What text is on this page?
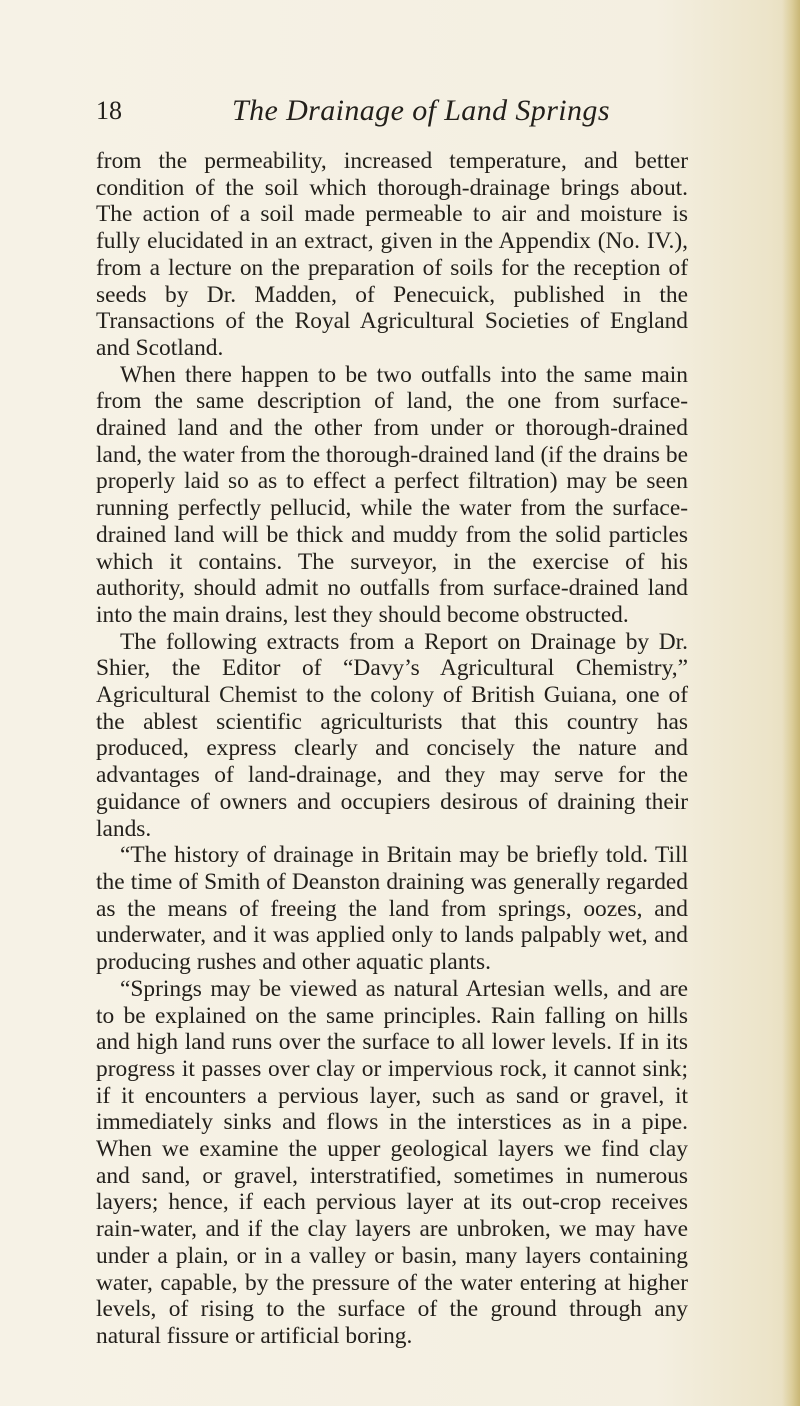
18	The Drainage of Land Springs

from the permeability, increased temperature, and better condition of the soil which thorough-drainage brings about. The action of a soil made permeable to air and moisture is fully elucidated in an extract, given in the Appendix (No. IV.), from a lecture on the preparation of soils for the reception of seeds by Dr. Madden, of Penecuick, published in the Transactions of the Royal Agricultural Societies of England and Scotland.

When there happen to be two outfalls into the same main from the same description of land, the one from surface-drained land and the other from under or thorough-drained land, the water from the thorough-drained land (if the drains be properly laid so as to effect a perfect filtration) may be seen running perfectly pellucid, while the water from the surface-drained land will be thick and muddy from the solid particles which it contains. The surveyor, in the exercise of his authority, should admit no outfalls from surface-drained land into the main drains, lest they should become obstructed.

The following extracts from a Report on Drainage by Dr. Shier, the Editor of “Davy’s Agricultural Chemistry,” Agricultural Chemist to the colony of British Guiana, one of the ablest scientific agriculturists that this country has produced, express clearly and concisely the nature and advantages of land-drainage, and they may serve for the guidance of owners and occupiers desirous of draining their lands.

“The history of drainage in Britain may be briefly told. Till the time of Smith of Deanston draining was generally regarded as the means of freeing the land from springs, oozes, and underwater, and it was applied only to lands palpably wet, and producing rushes and other aquatic plants.

“Springs may be viewed as natural Artesian wells, and are to be explained on the same principles. Rain falling on hills and high land runs over the surface to all lower levels. If in its progress it passes over clay or impervious rock, it cannot sink; if it encounters a pervious layer, such as sand or gravel, it immediately sinks and flows in the interstices as in a pipe. When we examine the upper geological layers we find clay and sand, or gravel, interstratified, sometimes in numerous layers; hence, if each pervious layer at its out-crop receives rain-water, and if the clay layers are unbroken, we may have under a plain, or in a valley or basin, many layers containing water, capable, by the pressure of the water entering at higher levels, of rising to the surface of the ground through any natural fissure or artificial boring.
